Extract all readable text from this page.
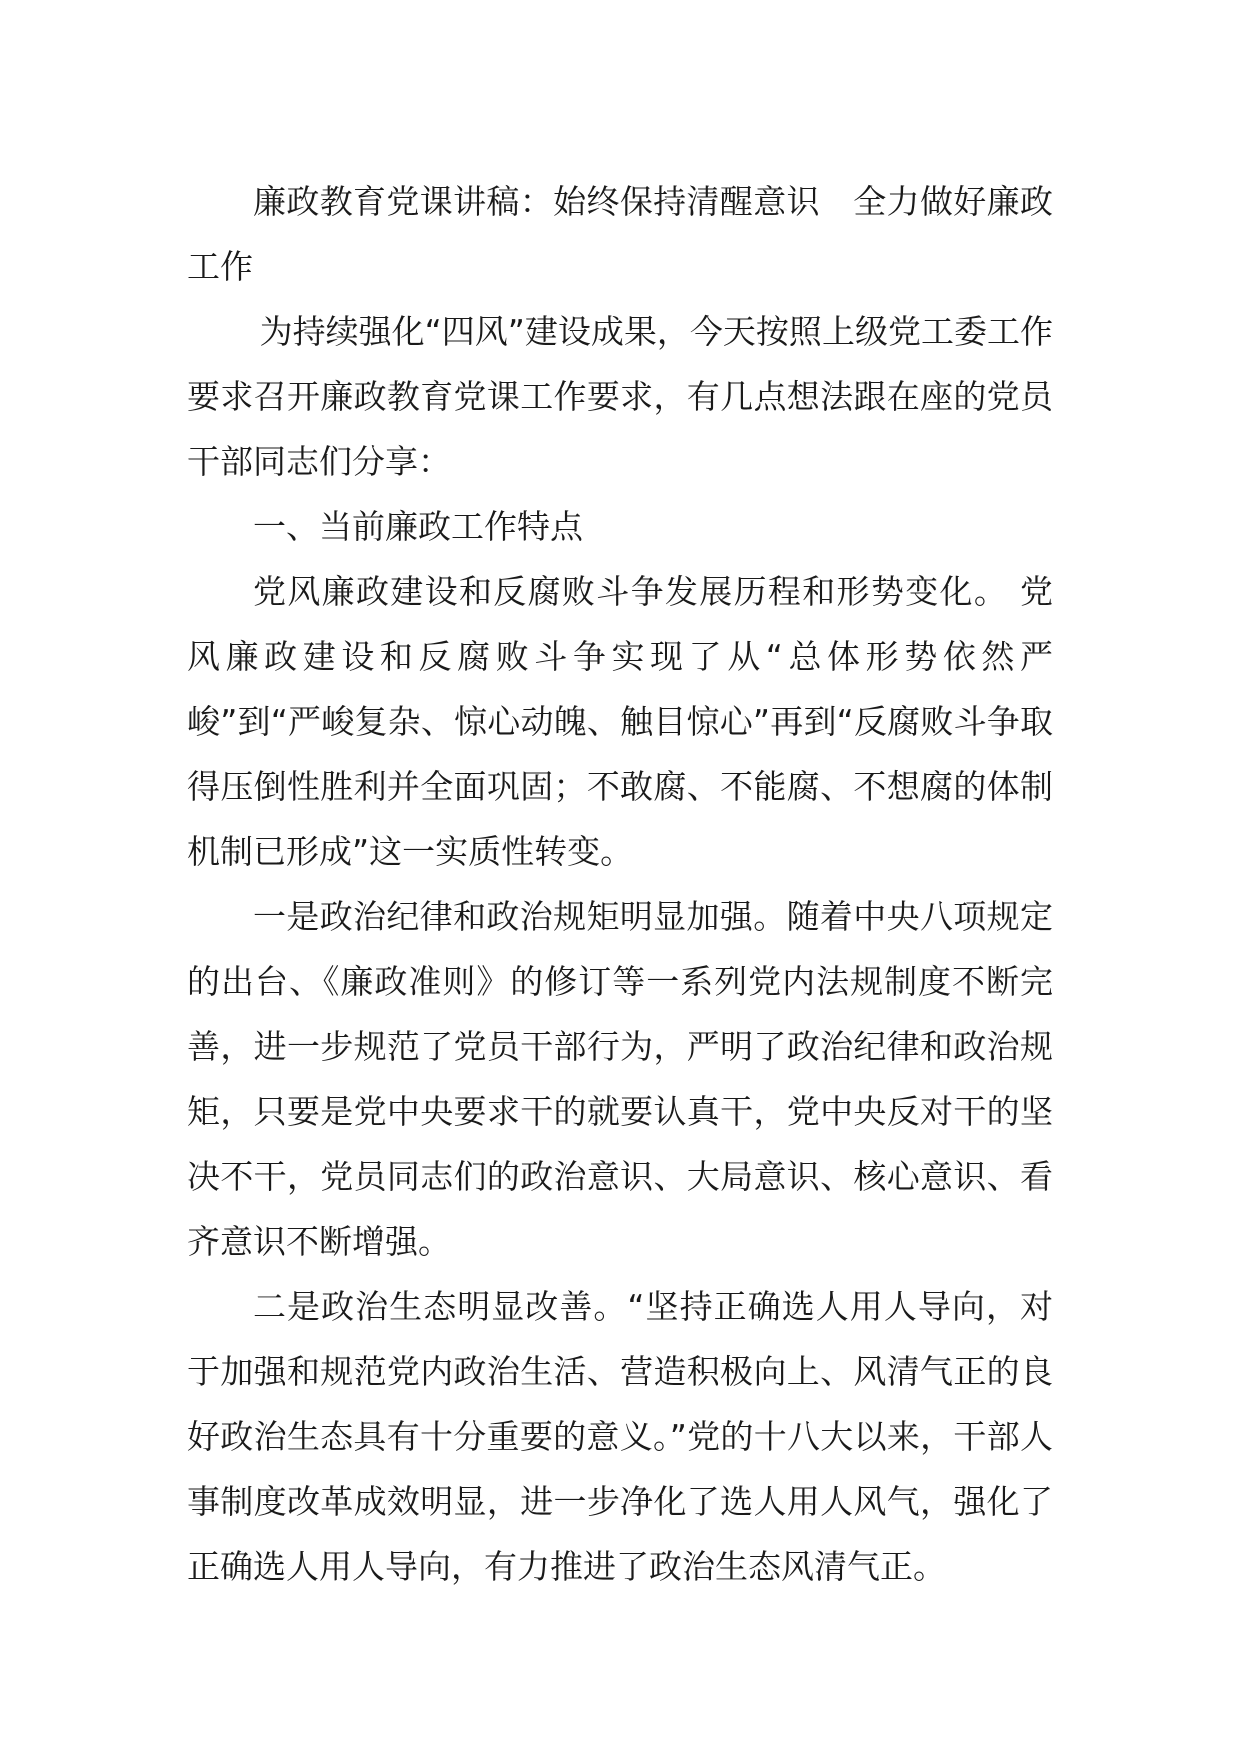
廉政教育党课讲稿：始终保持清醒意识　全力做好廉政工作

为持续强化“四风”建设成果，今天按照上级党工委工作要求召开廉政教育党课工作要求，有几点想法跟在座的党员干部同志们分享：

一、当前廉政工作特点

党风廉政建设和反腐败斗争发展历程和形势变化。 党风廉政建设和反腐败斗争实现了从“总体形势依然严峻”到“严峻复杂、惊心动魄、触目惊心”再到“反腐败斗争取得压倒性胜利并全面巩固；不敢腐、不能腐、不想腐的体制机制已形成”这一实质性转变。

一是政治纪律和政治规矩明显加强。随着中央八项规定的出台、《廉政准则》的修订等一系列党内法规制度不断完善，进一步规范了党员干部行为，严明了政治纪律和政治规矩，只要是党中央要求干的就要认真干，党中央反对干的坚决不干，党员同志们的政治意识、大局意识、核心意识、看齐意识不断增强。

二是政治生态明显改善。“坚持正确选人用人导向，对于加强和规范党内政治生活、营造积极向上、风清气正的良好政治生态具有十分重要的意义。”党的十八大以来，干部人事制度改革成效明显，进一步净化了选人用人风气，强化了正确选人用人导向，有力推进了政治生态风清气正。
